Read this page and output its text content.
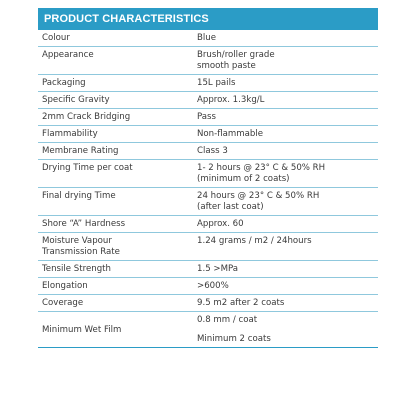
PRODUCT CHARACTERISTICS
Colour	Blue

Appearance	Brush/roller grade
smooth paste

Packaging	15L pails

Specific Gravity	Approx. 1.3kg/L

2mm Crack Bridging	Pass

Flammability	Non-flammable

Membrane Rating	Class 3

Drying Time per coat	1- 2 hours @ 23° C & 50% RH
(minimum of 2 coats)

Final drying Time	24 hours @ 23° C & 50% RH
(after last coat)

Shore “A” Hardness	Approx. 60

Moisture Vapour
Transmission Rate	1.24 grams / m2 / 24hours

Tensile Strength	1.5 >MPa

Elongation	>600%

Coverage	9.5 m2 after 2 coats

Minimum Wet Film	0.8 mm / coat
Minimum 2 coats
